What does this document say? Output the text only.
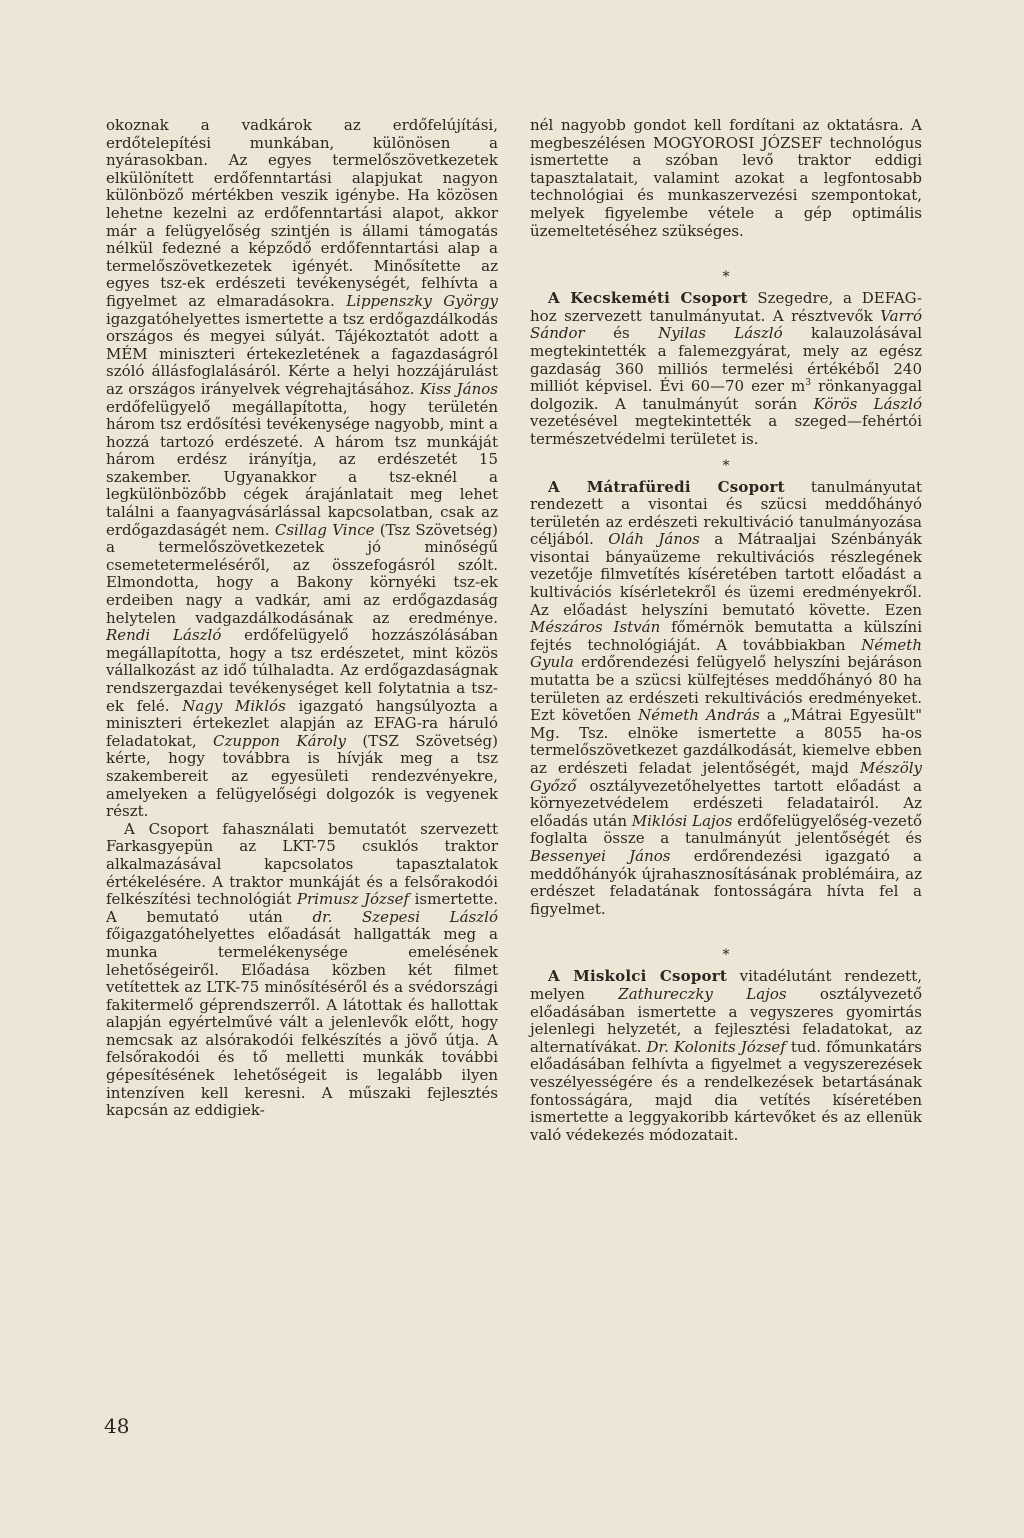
okoznak a vadkárok az erdőfelújítási, erdőtelepítési munkában, különösen a nyárasokban. Az egyes termelőszövetkezetek elkülönített erdőfenntartási alapjukat nagyon különböző mértékben veszik igénybe. Ha közösen lehetne kezelni az erdőfenntartási alapot, akkor már a felügyelőség szintjén is állami támogatás nélkül fedezné a képződő erdőfenntartási alap a termelőszövetkezetek igényét. Minősítette az egyes tsz-ek erdészeti tevékenységét, felhívta a figyelmet az elmaradásokra. Lippenszky György igazgatóhelyettes ismertette a tsz erdőgazdálkodás országos és megyei súlyát. Tájékoztatót adott a MÉM miniszteri értekezletének a fagazdaságról szóló állásfoglalásáról. Kérte a helyi hozzájárulást az országos irányelvek végrehajtásához. Kiss János erdőfelügyelő megállapította, hogy területén három tsz erdősítési tevékenysége nagyobb, mint a hozzá tartozó erdészeté. A három tsz munkáját három erdész irányítja, az erdészetét 15 szakember. Ugyanakkor a tsz-eknél a legkülönbözőbb cégek árajánlatait meg lehet találni a faanyagvásárlással kapcsolatban, csak az erdőgazdaságét nem. Csillag Vince (Tsz Szövetség) a termelőszövetkezetek jó minőségű csemetetermeléséről, az összefogásról szólt. Elmondotta, hogy a Bakony környéki tsz-ek erdeiben nagy a vadkár, ami az erdőgazdaság helytelen vadgazdálkodásának az eredménye. Rendi László erdőfelügyelő hozzászólásában megállapította, hogy a tsz erdészetet, mint közös vállalkozást az idő túlhaladta. Az erdőgazdaságnak rendszergazdai tevékenységet kell folytatnia a tsz-ek felé. Nagy Miklós igazgató hangsúlyozta a miniszteri értekezlet alapján az EFAG-ra háruló feladatokat, Czuppon Károly (TSZ Szövetség) kérte, hogy továbbra is hívják meg a tsz szakembereit az egyesületi rendezvényekre, amelyeken a felügyelőségi dolgozók is vegyenek részt.

A Csoport fahasználati bemutatót szervezett Farkasgyepün az LKT-75 csuklós traktor alkalmazásával kapcsolatos tapasztalatok értékelésére. A traktor munkáját és a felsőrakodói felkészítési technológiát Primusz József ismertette. A bemutató után dr. Szepesi László főigazgatóhelyettes előadását hallgatták meg a munka termelékenysége emelésének lehetőségeiről. Előadása közben két filmet vetítettek az LTK-75 minősítéséről és a svédországi fakitermelő géprendszerről. A látottak és hallottak alapján egyértelművé vált a jelenlevők előtt, hogy nemcsak az alsórakodói felkészítés a jövő útja. A felsőrakodói és tő melletti munkák további gépesítésének lehetőségeit is legalább ilyen intenzíven kell keresni. A műszaki fejlesztés kapcsán az eddigiek-

nél nagyobb gondot kell fordítani az oktatásra. A megbeszélésen MOGYOROSI JÓZSEF technológus ismertette a szóban levő traktor eddigi tapasztalatait, valamint azokat a legfontosabb technológiai és munkaszervezési szempontokat, melyek figyelembe vétele a gép optimális üzemeltetéséhez szükséges.

*

A Kecskeméti Csoport Szegedre, a DEFAG-hoz szervezett tanulmányutat. A résztvevők Varró Sándor és Nyilas László kalauzolásával megtekintették a falemezgyárat, mely az egész gazdaság 360 milliós termelési értékéből 240 milliót képvisel. Évi 60—70 ezer $m^3$ rönkanyaggal dolgozik. A tanulmányút során Körös László vezetésével megtekintették a szeged—fehértói természetvédelmi területet is.

*

A Mátrafüredi Csoport tanulmányutat rendezett a visontai és szücsi meddőhányó területén az erdészeti rekultiváció tanulmányozása céljából. Oláh János a Mátraaljai Szénbányák visontai bányaüzeme rekultivációs részlegének vezetője filmvetítés kíséretében tartott előadást a kultivációs kísérletekről és üzemi eredményekről. Az előadást helyszíni bemutató követte. Ezen Mészáros István főmérnök bemutatta a külszíni fejtés technológiáját. A továbbiakban Németh Gyula erdőrendezési felügyelő helyszíni bejáráson mutatta be a szücsi külfejtéses meddőhányó 80 ha területen az erdészeti rekultivációs eredményeket. Ezt követően Németh András a „Mátrai Egyesült" Mg. Tsz. elnöke ismertette a 8055 ha-os termelőszövetkezet gazdálkodását, kiemelve ebben az erdészeti feladat jelentőségét, majd Mészöly Győző osztályvezetőhelyettes tartott előadást a környezetvédelem erdészeti feladatairól. Az előadás után Miklósi Lajos erdőfelügyelőség-vezető foglalta össze a tanulmányút jelentőségét és Bessenyei János erdőrendezési igazgató a meddőhányók újrahasznosításának problémáira, az erdészet feladatának fontosságára hívta fel a figyelmet.

*

A Miskolci Csoport vitadélutánt rendezett, melyen Zathureczky Lajos osztályvezető előadásában ismertette a vegyszeres gyomirtás jelenlegi helyzetét, a fejlesztési feladatokat, az alternatívákat. Dr. Kolonits József tud. főmunkatárs előadásában felhívta a figyelmet a vegyszerezések veszélyességére és a rendelkezések betartásának fontosságára, majd dia vetítés kíséretében ismertette a leggyakoribb kártevőket és az ellenük való védekezés módozatait.

48
